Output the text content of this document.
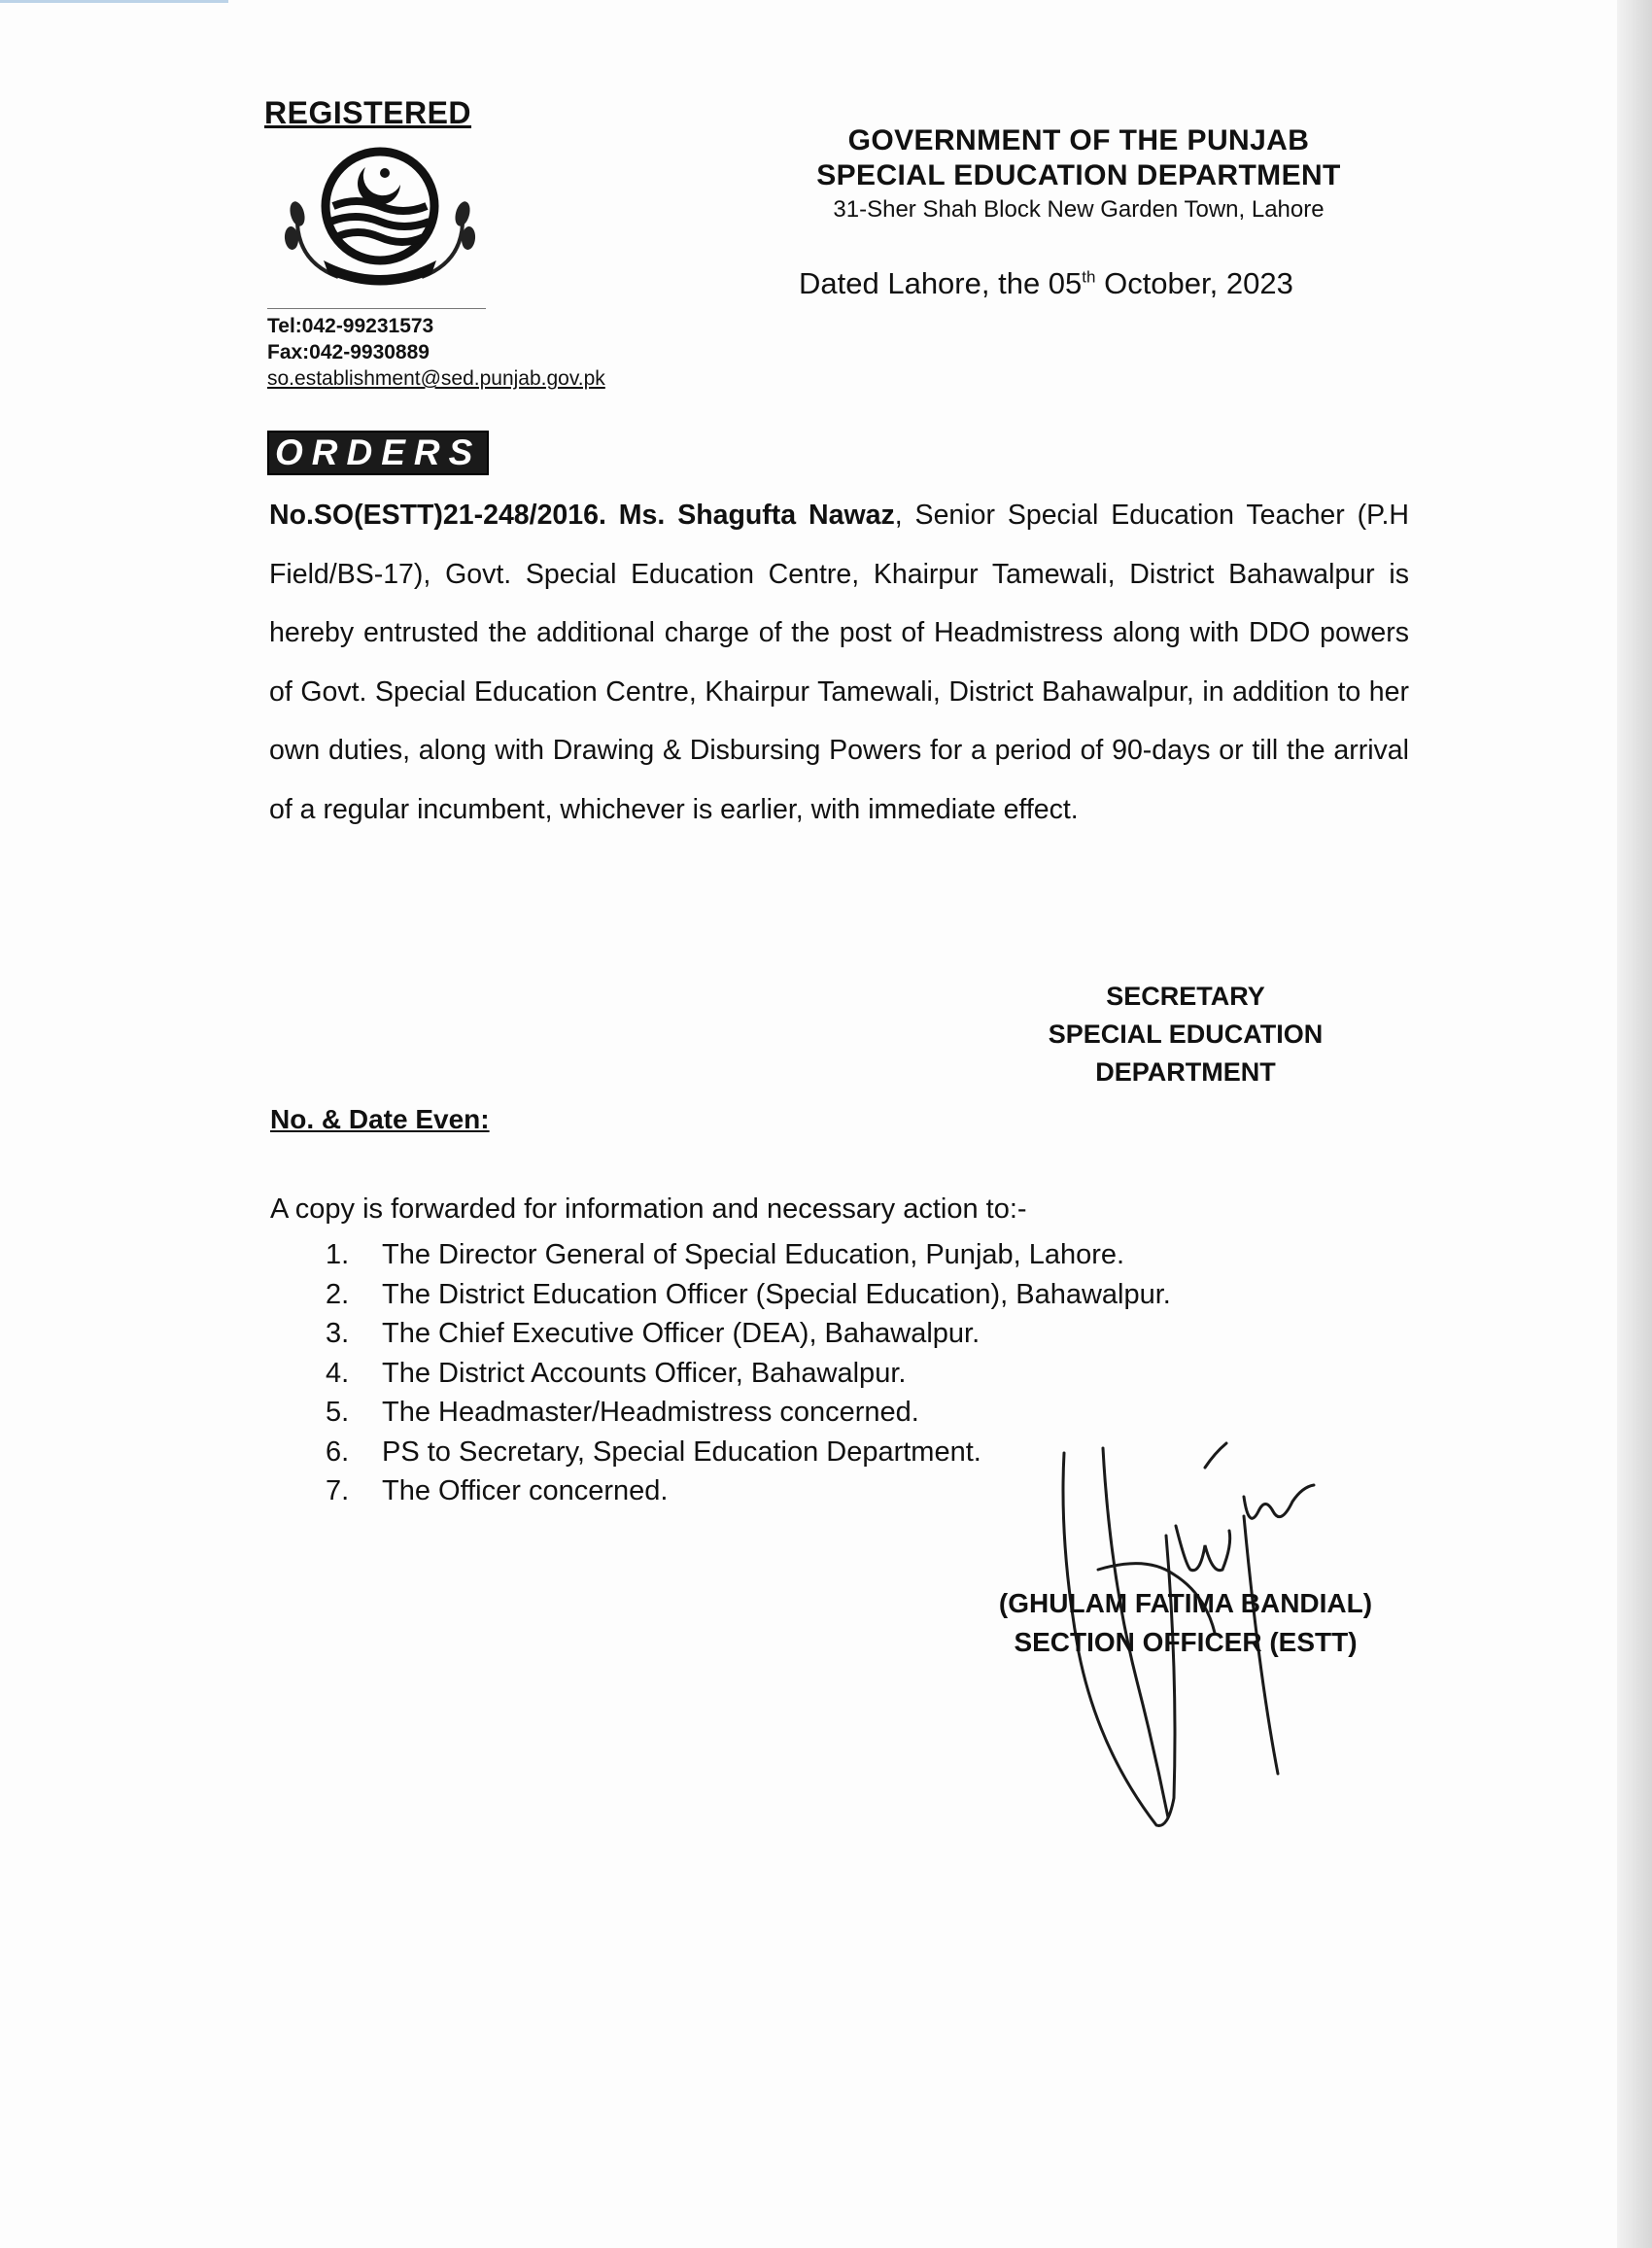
REGISTERED
Tel:042-99231573
Fax:042-9930889
so.establishment@sed.punjab.gov.pk
GOVERNMENT OF THE PUNJAB
SPECIAL EDUCATION DEPARTMENT
31-Sher Shah Block New Garden Town, Lahore
Dated Lahore, the 05th October, 2023
ORDERS
No.SO(ESTT)21-248/2016. Ms. Shagufta Nawaz, Senior Special Education Teacher (P.H Field/BS-17), Govt. Special Education Centre, Khairpur Tamewali, District Bahawalpur is hereby entrusted the additional charge of the post of Headmistress along with DDO powers of Govt. Special Education Centre, Khairpur Tamewali, District Bahawalpur, in addition to her own duties, along with Drawing & Disbursing Powers for a period of 90-days or till the arrival of a regular incumbent, whichever is earlier, with immediate effect.
SECRETARY
SPECIAL EDUCATION
DEPARTMENT
No. & Date Even:
A copy is forwarded for information and necessary action to:-
1.	The Director General of Special Education, Punjab, Lahore.
2.	The District Education Officer (Special Education), Bahawalpur.
3.	The Chief Executive Officer (DEA), Bahawalpur.
4.	The District Accounts Officer, Bahawalpur.
5.	The Headmaster/Headmistress concerned.
6.	PS to Secretary, Special Education Department.
7.	The Officer concerned.
(GHULAM FATIMA BANDIAL)
SECTION OFFICER (ESTT)
